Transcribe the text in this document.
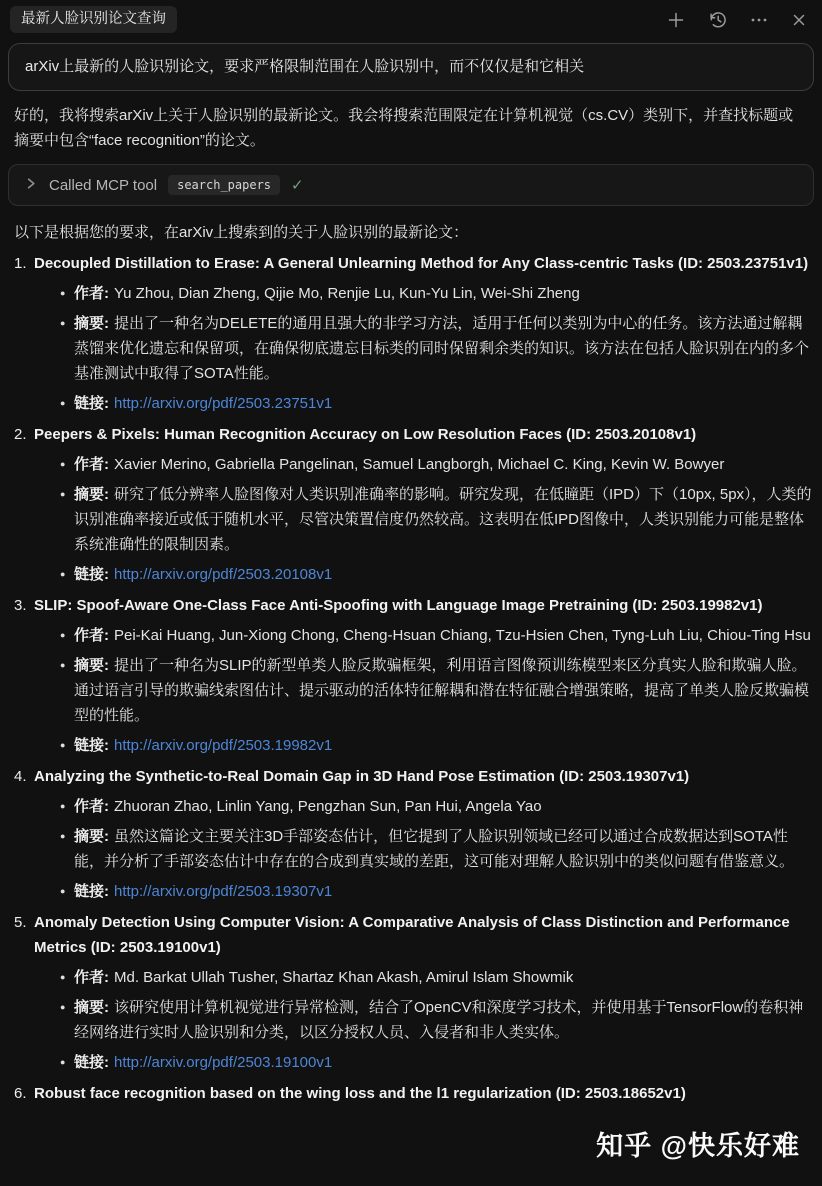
最新人脸识别论文查询
arXiv上最新的人脸识别论文，要求严格限制范围在人脸识别中，而不仅仅是和它相关
好的，我将搜索arXiv上关于人脸识别的最新论文。我会将搜索范围限定在计算机视觉（cs.CV）类别下，并查找标题或摘要中包含“face recognition”的论文。
Called MCP tool	search_papers	✓
以下是根据您的要求，在arXiv上搜索到的关于人脸识别的最新论文：
1. Decoupled Distillation to Erase: A General Unlearning Method for Any Class-centric Tasks (ID: 2503.23751v1)
● 作者: Yu Zhou, Dian Zheng, Qijie Mo, Renjie Lu, Kun-Yu Lin, Wei-Shi Zheng
● 摘要: 提出了一种名为DELETE的通用且强大的非学习方法，适用于任何以类别为中心的任务。该方法通过解耦蒸馏来优化遗忘和保留项，在确保彻底遗忘目标类的同时保留剩余类的知识。该方法在包括人脸识别在内的多个基准测试中取得了SOTA性能。
● 链接: http://arxiv.org/pdf/2503.23751v1
2. Peepers & Pixels: Human Recognition Accuracy on Low Resolution Faces (ID: 2503.20108v1)
● 作者: Xavier Merino, Gabriella Pangelinan, Samuel Langborgh, Michael C. King, Kevin W. Bowyer
● 摘要: 研究了低分辨率人脸图像对人类识别准确率的影响。研究发现，在低瞳距（IPD）下（10px, 5px），人类的识别准确率接近或低于随机水平，尽管决策置信度仍然较高。这表明在低IPD图像中，人类识别能力可能是整体系统准确性的限制因素。
● 链接: http://arxiv.org/pdf/2503.20108v1
3. SLIP: Spoof-Aware One-Class Face Anti-Spoofing with Language Image Pretraining (ID: 2503.19982v1)
● 作者: Pei-Kai Huang, Jun-Xiong Chong, Cheng-Hsuan Chiang, Tzu-Hsien Chen, Tyng-Luh Liu, Chiou-Ting Hsu
● 摘要: 提出了一种名为SLIP的新型单类人脸反欺骗框架，利用语言图像预训练模型来区分真实人脸和欺骗人脸。通过语言引导的欺骗线索图估计、提示驱动的活体特征解耦和潜在特征融合增强策略，提高了单类人脸反欺骗模型的性能。
● 链接: http://arxiv.org/pdf/2503.19982v1
4. Analyzing the Synthetic-to-Real Domain Gap in 3D Hand Pose Estimation (ID: 2503.19307v1)
● 作者: Zhuoran Zhao, Linlin Yang, Pengzhan Sun, Pan Hui, Angela Yao
● 摘要: 虽然这篇论文主要关注3D手部姿态估计，但它提到了人脸识别领域已经可以通过合成数据达到SOTA性能，并分析了手部姿态估计中存在的合成到真实域的差距，这可能对理解人脸识别中的类似问题有借鉴意义。
● 链接: http://arxiv.org/pdf/2503.19307v1
5. Anomaly Detection Using Computer Vision: A Comparative Analysis of Class Distinction and Performance Metrics (ID: 2503.19100v1)
● 作者: Md. Barkat Ullah Tusher, Shartaz Khan Akash, Amirul Islam Showmik
● 摘要: 该研究使用计算机视觉进行异常检测，结合了OpenCV和深度学习技术，并使用基于TensorFlow的卷积神经网络进行实时人脸识别和分类，以区分授权人员、入侵者和非人类实体。
● 链接: http://arxiv.org/pdf/2503.19100v1
6. Robust face recognition based on the wing loss and the l1 regularization (ID: 2503.18652v1)
知乎 @快乐好难
